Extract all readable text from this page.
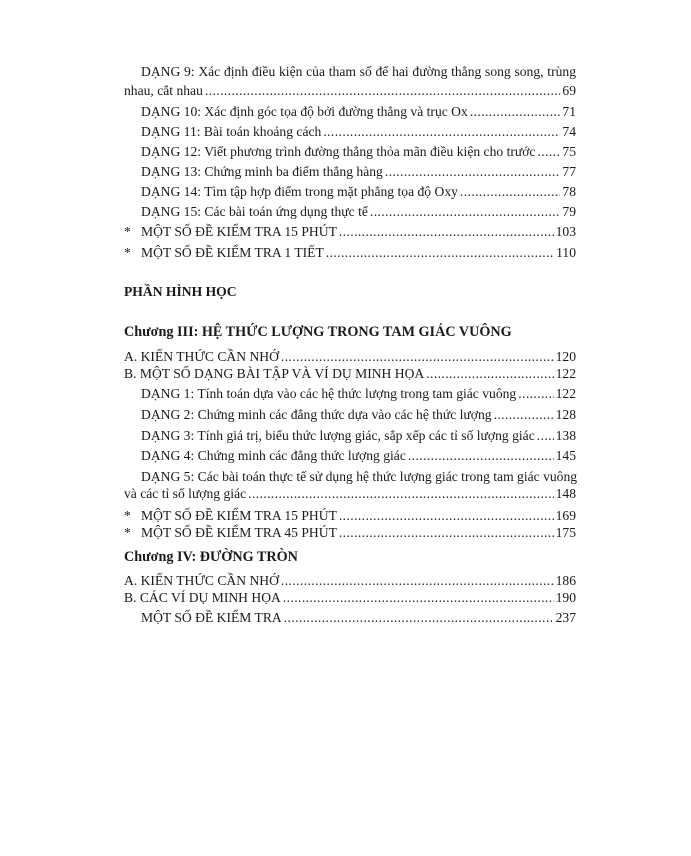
DẠNG 9: Xác định điều kiện của tham số để hai đường thẳng song song, trùng
nhau, cắt nhau .....	69
DẠNG 10: Xác định góc tọa độ bởi đường thẳng và trục Ox .....	71
DẠNG 11: Bài toán khoảng cách .....	74
DẠNG 12: Viết phương trình đường thẳng thỏa mãn điều kiện cho trước ..... 75
DẠNG 13: Chứng minh ba điểm thẳng hàng .....	77
DẠNG 14: Tìm tập hợp điểm trong mặt phẳng tọa độ Oxy .....	78
DẠNG 15: Các bài toán ứng dụng thực tế .....	79
* MỘT SỐ ĐỀ KIỂM TRA 15 PHÚT .....	103
* MỘT SỐ ĐỀ KIỂM TRA 1 TIẾT .....	110
PHẦN HÌNH HỌC
Chương III: HỆ THỨC LƯỢNG TRONG TAM GIÁC VUÔNG
A. KIẾN THỨC CẦN NHỚ .....	120
B. MỘT SỐ DẠNG BÀI TẬP VÀ VÍ DỤ MINH HỌA .....	122
DẠNG 1: Tính toán dựa vào các hệ thức lượng trong tam giác vuông .....	122
DẠNG 2: Chứng minh các đẳng thức dựa vào các hệ thức lượng .....	128
DẠNG 3: Tính giá trị, biểu thức lượng giác, sắp xếp các tỉ số lượng giác ..... 138
DẠNG 4: Chứng minh các đẳng thức lượng giác .....	145
DẠNG 5: Các bài toán thực tế sử dụng hệ thức lượng giác trong tam giác vuông
và các tỉ số lượng giác .....	148
* MỘT SỐ ĐỀ KIỂM TRA 15 PHÚT .....	169
* MỘT SỐ ĐỀ KIỂM TRA 45 PHÚT .....	175
Chương IV: ĐƯỜNG TRÒN
A. KIẾN THỨC CẦN NHỚ .....	186
B. CÁC VÍ DỤ MINH HỌA .....	190
MỘT SỐ ĐỀ KIỂM TRA .....	237
